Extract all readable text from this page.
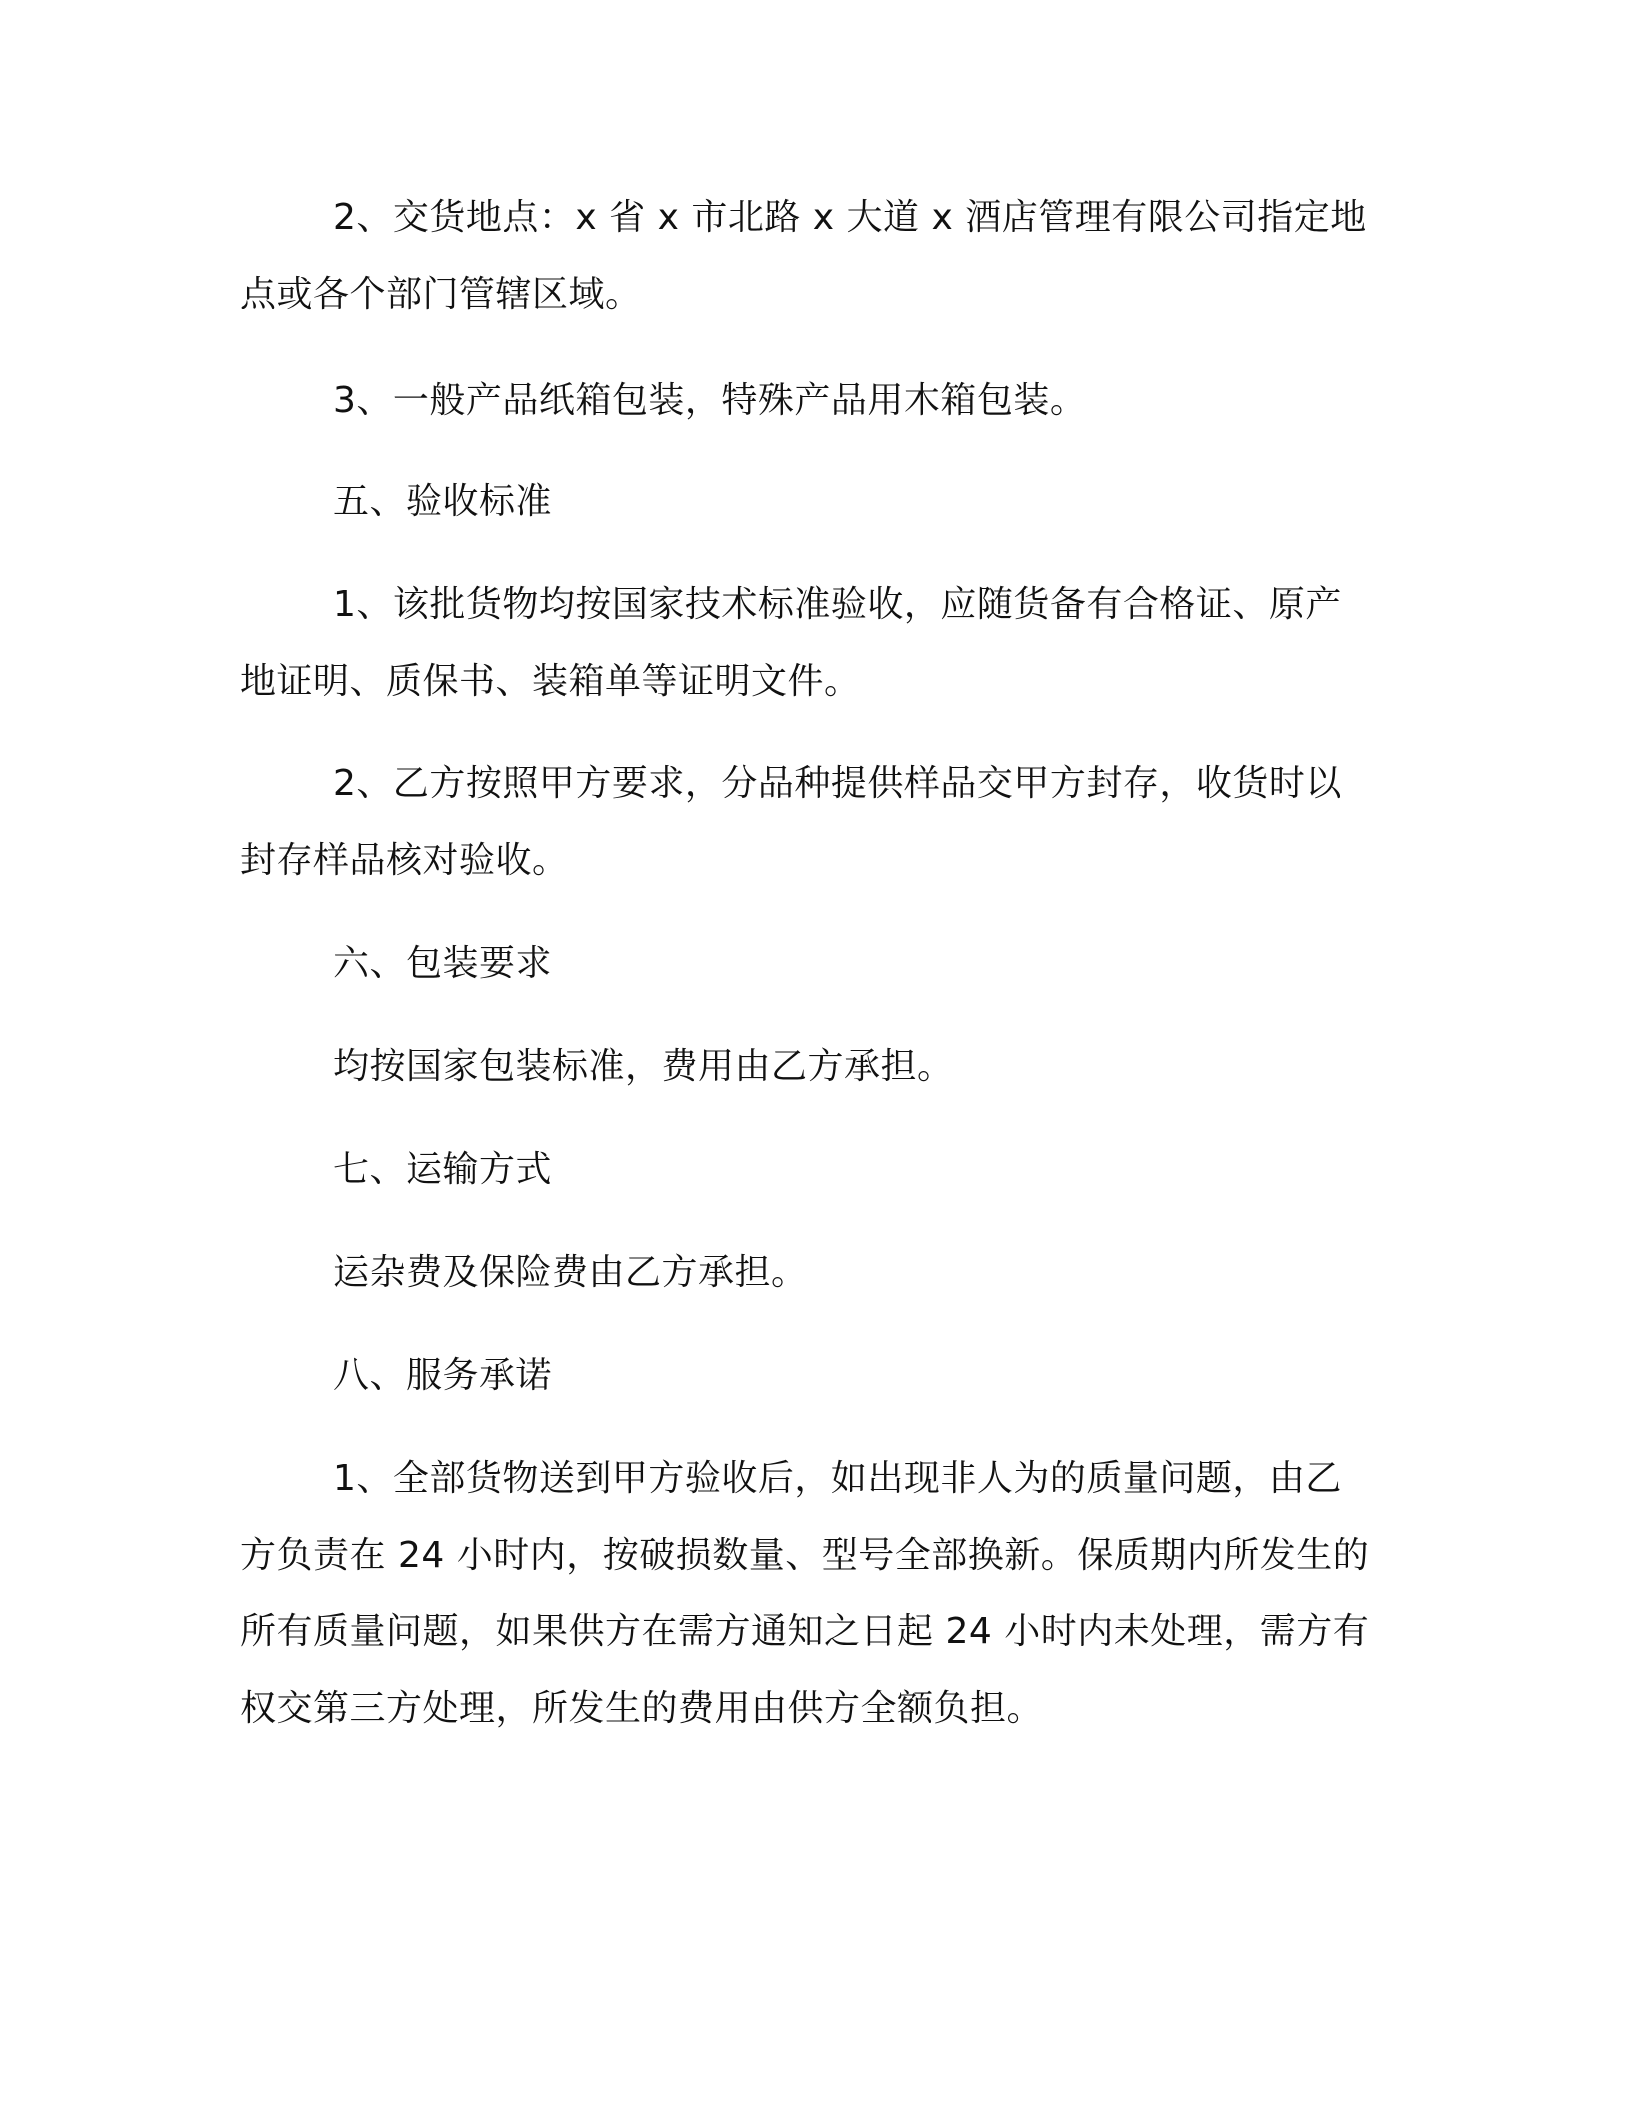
2、交货地点：x 省 x 市北路 x 大道 x 酒店管理有限公司指定地
点或各个部门管辖区域。
3、一般产品纸箱包装，特殊产品用木箱包装。
五、验收标准
1、该批货物均按国家技术标准验收，应随货备有合格证、原产
地证明、质保书、装箱单等证明文件。
2、乙方按照甲方要求，分品种提供样品交甲方封存，收货时以
封存样品核对验收。
六、包装要求
均按国家包装标准，费用由乙方承担。
七、运输方式
运杂费及保险费由乙方承担。
八、服务承诺
1、全部货物送到甲方验收后，如出现非人为的质量问题，由乙
方负责在 24 小时内，按破损数量、型号全部换新。保质期内所发生的
所有质量问题，如果供方在需方通知之日起 24 小时内未处理，需方有
权交第三方处理，所发生的费用由供方全额负担。
